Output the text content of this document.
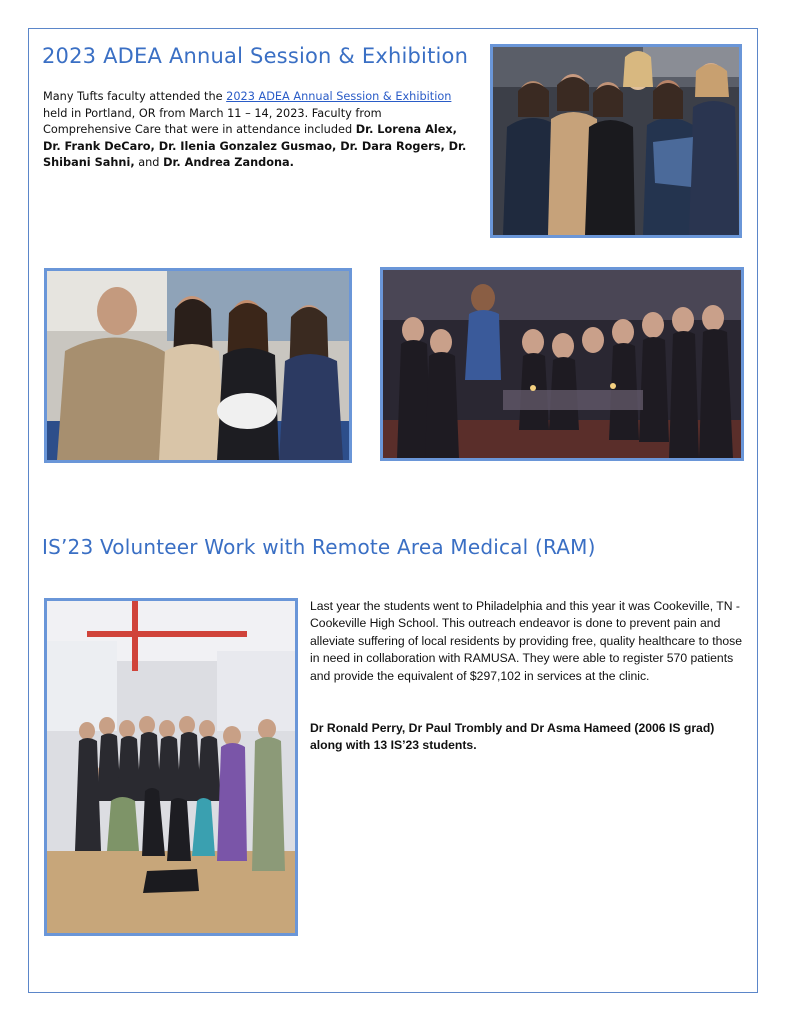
2023 ADEA Annual Session & Exhibition

Many Tufts faculty attended the 2023 ADEA Annual Session & Exhibition held in Portland, OR from March 11 – 14, 2023. Faculty from Comprehensive Care that were in attendance included Dr. Lorena Alex, Dr. Frank DeCaro, Dr. Ilenia Gonzalez Gusmao, Dr. Dara Rogers, Dr. Shibani Sahni, and Dr. Andrea Zandona.

IS’23 Volunteer Work with Remote Area Medical (RAM)

Last year the students went to Philadelphia and this year it was Cookeville, TN - Cookeville High School. This outreach endeavor is done to prevent pain and alleviate suffering of local residents by providing free, quality healthcare to those in need in collaboration with RAMUSA. They were able to register 570 patients and provide the equivalent of $297,102 in services at the clinic.

Dr Ronald Perry, Dr Paul Trombly and Dr Asma Hameed (2006 IS grad) along with 13 IS’23 students.
